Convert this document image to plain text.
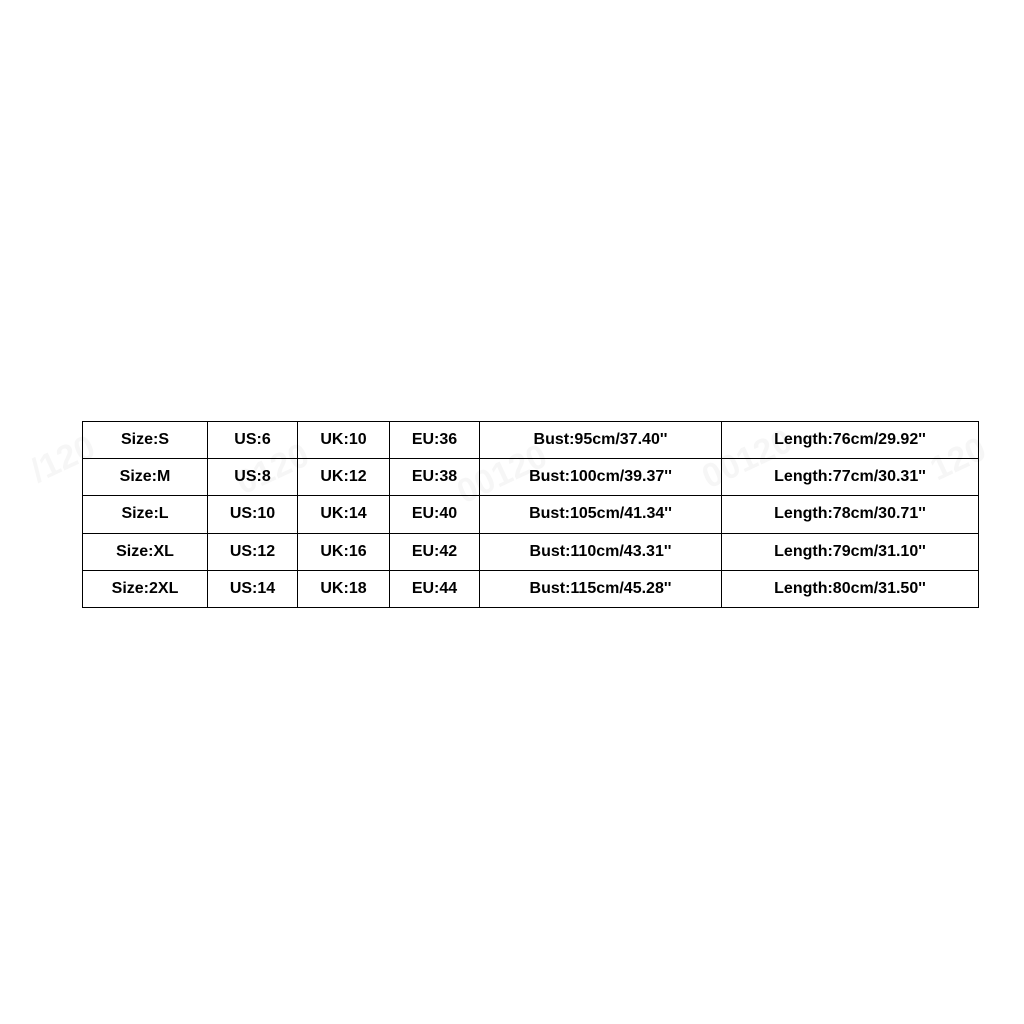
Size:S	US:6	UK:10	EU:36	Bust:95cm/37.40''	Length:76cm/29.92''
Size:M	US:8	UK:12	EU:38	Bust:100cm/39.37''	Length:77cm/30.31''
Size:L	US:10	UK:14	EU:40	Bust:105cm/41.34''	Length:78cm/30.71''
Size:XL	US:12	UK:16	EU:42	Bust:110cm/43.31''	Length:79cm/31.10''
Size:2XL	US:14	UK:18	EU:44	Bust:115cm/45.28''	Length:80cm/31.50''
